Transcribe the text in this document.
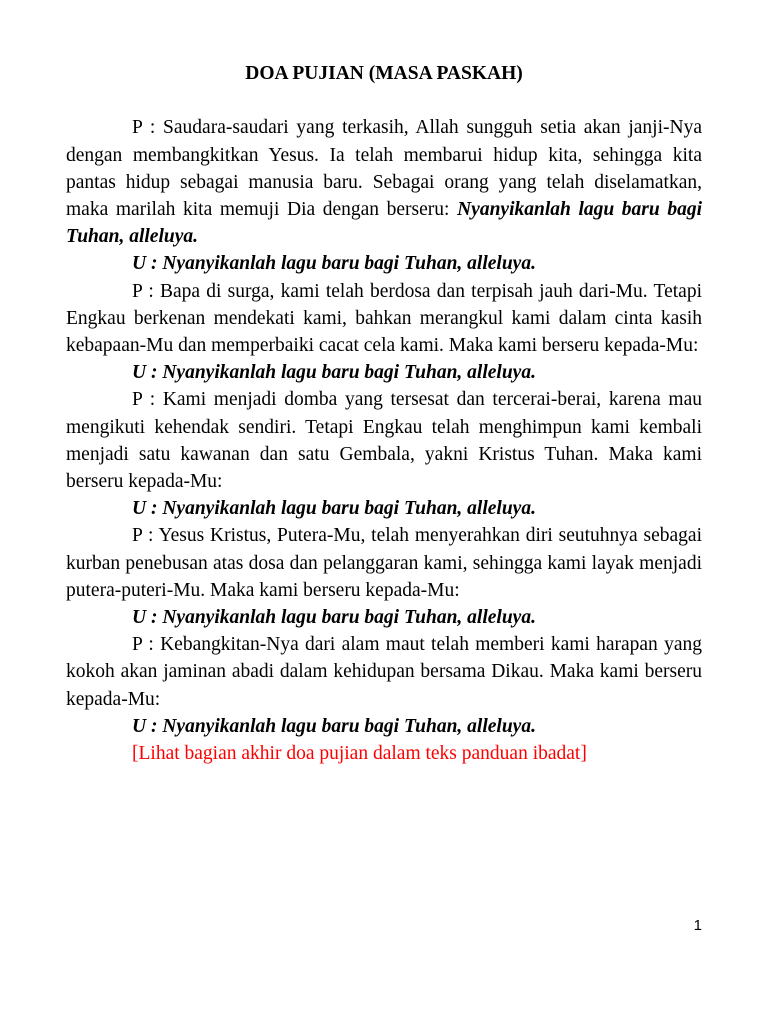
DOA PUJIAN (MASA PASKAH)

P : Saudara-saudari yang terkasih, Allah sungguh setia akan janji-Nya dengan membangkitkan Yesus. Ia telah membarui hidup kita, sehingga kita pantas hidup sebagai manusia baru. Sebagai orang yang telah diselamatkan, maka marilah kita memuji Dia dengan berseru: Nyanyikanlah lagu baru bagi Tuhan, alleluya.

U : Nyanyikanlah lagu baru bagi Tuhan, alleluya.

P : Bapa di surga, kami telah berdosa dan terpisah jauh dari-Mu. Tetapi Engkau berkenan mendekati kami, bahkan merangkul kami dalam cinta kasih kebapaan-Mu dan memperbaiki cacat cela kami. Maka kami berseru kepada-Mu:

U : Nyanyikanlah lagu baru bagi Tuhan, alleluya.

P : Kami menjadi domba yang tersesat dan tercerai-berai, karena mau mengikuti kehendak sendiri. Tetapi Engkau telah menghimpun kami kembali menjadi satu kawanan dan satu Gembala, yakni Kristus Tuhan. Maka kami berseru kepada-Mu:

U : Nyanyikanlah lagu baru bagi Tuhan, alleluya.

P : Yesus Kristus, Putera-Mu, telah menyerahkan diri seutuhnya sebagai kurban penebusan atas dosa dan pelanggaran kami, sehingga kami layak menjadi putera-puteri-Mu. Maka kami berseru kepada-Mu:

U : Nyanyikanlah lagu baru bagi Tuhan, alleluya.

P : Kebangkitan-Nya dari alam maut telah memberi kami harapan yang kokoh akan jaminan abadi dalam kehidupan bersama Dikau. Maka kami berseru kepada-Mu:

U : Nyanyikanlah lagu baru bagi Tuhan, alleluya.

[Lihat bagian akhir doa pujian dalam teks panduan ibadat]

1
